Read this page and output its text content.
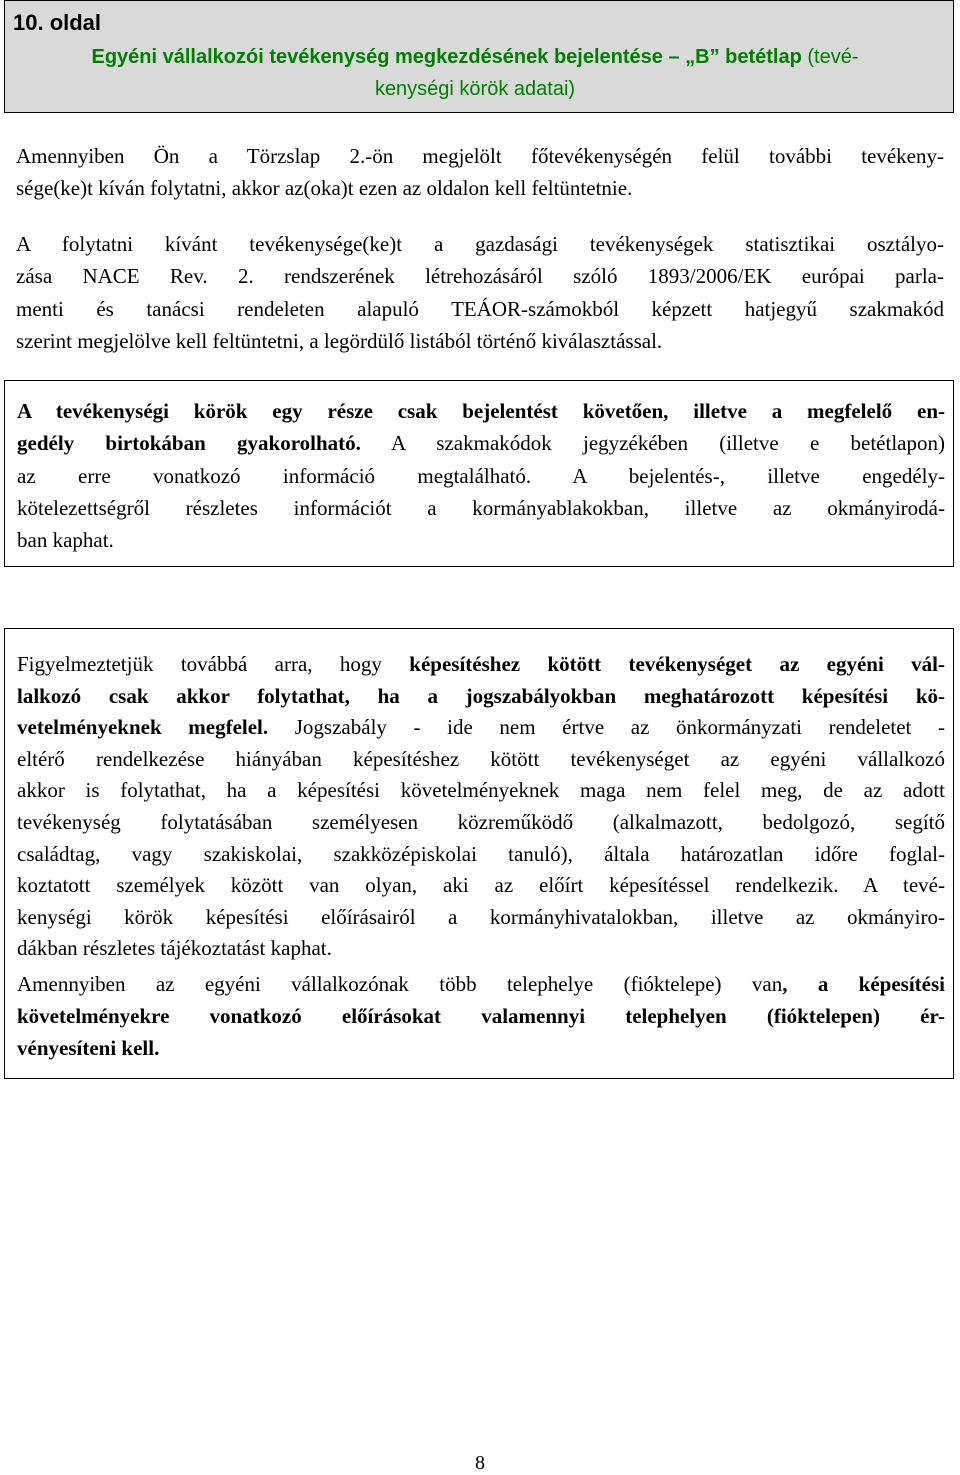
10. oldal

Egyéni vállalkozói tevékenység megkezdésének bejelentése – „B” betétlap (tevé-
kenységi körök adatai)

Amennyiben Ön a Törzslap 2.-ön megjelölt főtevékenységén felül további tevékeny-
sége(ke)t kíván folytatni, akkor az(oka)t ezen az oldalon kell feltüntetnie.

A folytatni kívánt tevékenysége(ke)t a gazdasági tevékenységek statisztikai osztályo-
zása NACE Rev. 2. rendszerének létrehozásáról szóló 1893/2006/EK európai parla-
menti és tanácsi rendeleten alapuló TEÁOR-számokból képzett hatjegyű szakmakód
szerint megjelölve kell feltüntetni, a legördülő listából történő kiválasztással.

A tevékenységi körök egy része csak bejelentést követően, illetve a megfelelő en-
gedély birtokában gyakorolható. A szakmakódok jegyzékében (illetve e betétlapon)
az erre vonatkozó információ megtalálható. A bejelentés-, illetve engedély-
kötelezettségről részletes információt a kormányablakokban, illetve az okmányirodá-
ban kaphat.

Figyelmeztetjük továbbá arra, hogy képesítéshez kötött tevékenységet az egyéni vál-
lalkozó csak akkor folytathat, ha a jogszabályokban meghatározott képesítési kö-
vetelményeknek megfelel. Jogszabály - ide nem értve az önkormányzati rendeletet -
eltérő rendelkezése hiányában képesítéshez kötött tevékenységet az egyéni vállalkozó
akkor is folytathat, ha a képesítési követelményeknek maga nem felel meg, de az adott
tevékenység folytatásában személyesen közreműködő (alkalmazott, bedolgozó, segítő
családtag, vagy szakiskolai, szakközépiskolai tanuló), általa határozatlan időre foglal-
koztatott személyek között van olyan, aki az előírt képesítéssel rendelkezik. A tevé-
kenységi körök képesítési előírásairól a kormányhivatalokban, illetve az okmányiro-
dákban részletes tájékoztatást kaphat.

Amennyiben az egyéni vállalkozónak több telephelye (fióktelepe) van, a képesítési
követelményekre vonatkozó előírásokat valamennyi telephelyen (fióktelepen) ér-
vényesíteni kell.

8
